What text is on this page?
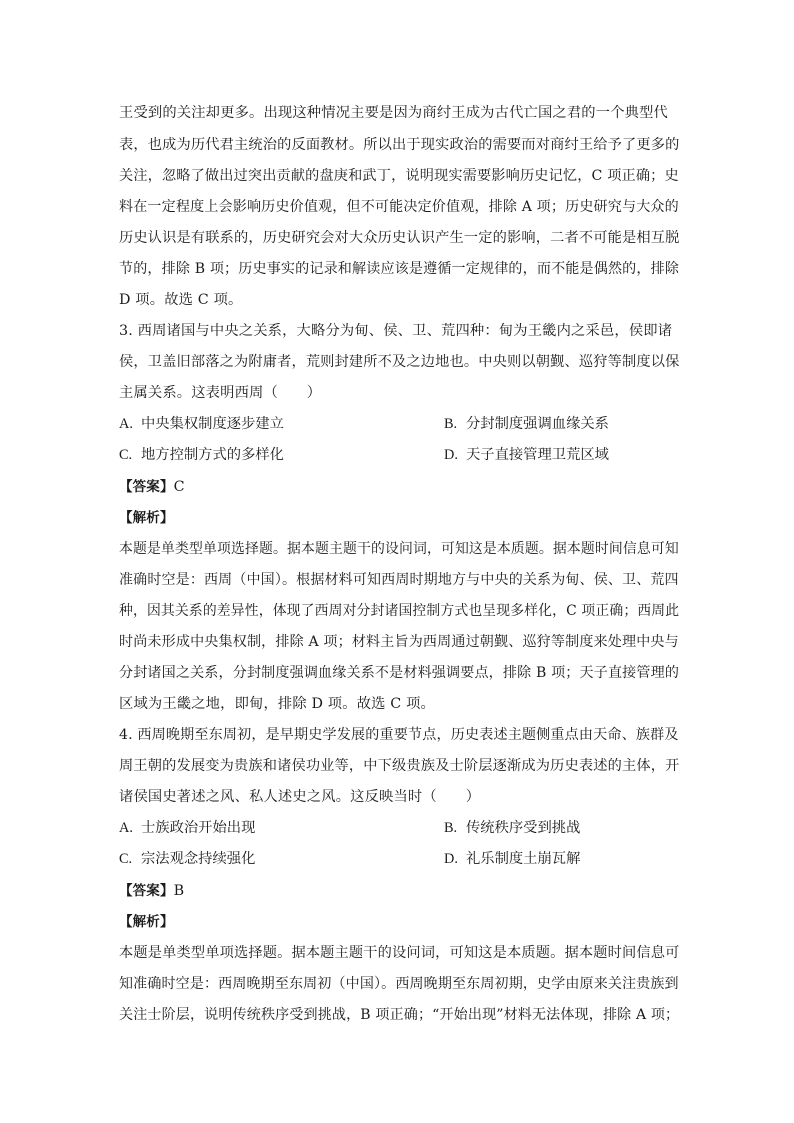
王受到的关注却更多。出现这种情况主要是因为商纣王成为古代亡国之君的一个典型代
表，也成为历代君主统治的反面教材。所以出于现实政治的需要而对商纣王给予了更多的
关注，忽略了做出过突出贡献的盘庚和武丁，说明现实需要影响历史记忆，C 项正确；史
料在一定程度上会影响历史价值观，但不可能决定价值观，排除 A 项；历史研究与大众的
历史认识是有联系的，历史研究会对大众历史认识产生一定的影响，二者不可能是相互脱
节的，排除 B 项；历史事实的记录和解读应该是遵循一定规律的，而不能是偶然的，排除
D 项。故选 C 项。
3. 西周诸国与中央之关系，大略分为甸、侯、卫、荒四种：甸为王畿内之采邑，侯即诸
侯，卫盖旧部落之为附庸者，荒则封建所不及之边地也。中央则以朝觐、巡狩等制度以保
主属关系。这表明西周（　　）
A. 中央集权制度逐步建立	B. 分封制度强调血缘关系
C. 地方控制方式的多样化	D. 天子直接管理卫荒区域
【答案】C
【解析】
本题是单类型单项选择题。据本题主题干的设问词，可知这是本质题。据本题时间信息可知
准确时空是：西周（中国）。根据材料可知西周时期地方与中央的关系为甸、侯、卫、荒四
种，因其关系的差异性，体现了西周对分封诸国控制方式也呈现多样化，C 项正确；西周此
时尚未形成中央集权制，排除 A 项；材料主旨为西周通过朝觐、巡狩等制度来处理中央与
分封诸国之关系，分封制度强调血缘关系不是材料强调要点，排除 B 项；天子直接管理的
区域为王畿之地，即甸，排除 D 项。故选 C 项。
4. 西周晚期至东周初，是早期史学发展的重要节点，历史表述主题侧重点由天命、族群及
周王朝的发展变为贵族和诸侯功业等，中下级贵族及士阶层逐渐成为历史表述的主体，开
诸侯国史著述之风、私人述史之风。这反映当时（　　）
A. 士族政治开始出现	B. 传统秩序受到挑战
C. 宗法观念持续强化	D. 礼乐制度土崩瓦解
【答案】B
【解析】
本题是单类型单项选择题。据本题主题干的设问词，可知这是本质题。据本题时间信息可
知准确时空是：西周晚期至东周初（中国）。西周晚期至东周初期，史学由原来关注贵族到
关注士阶层，说明传统秩序受到挑战，B 项正确；“开始出现”材料无法体现，排除 A 项；
